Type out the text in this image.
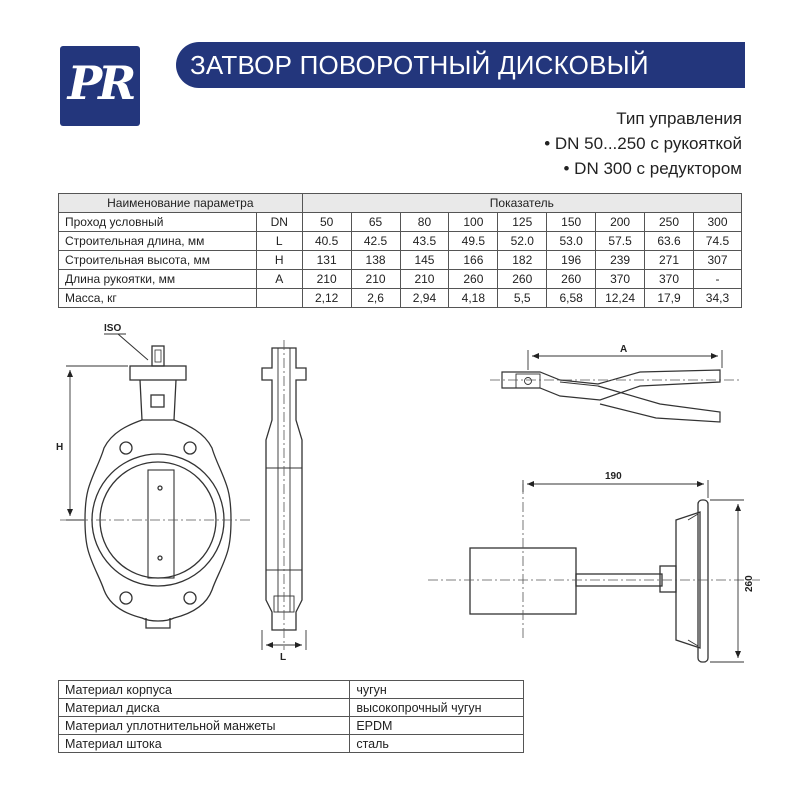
PR ЗАТВОР ПОВОРОТНЫЙ ДИСКОВЫЙ
Тип управления
• DN 50...250 с рукояткой
• DN 300 с редуктором
Наименование параметра		Показатель								
Проход условный	DN	50	65	80	100	125	150	200	250	300
Строительная длина, мм	L	40.5	42.5	43.5	49.5	52.0	53.0	57.5	63.6	74.5
Строительная высота, мм	H	131	138	145	166	182	196	239	271	307
Длина рукоятки, мм	A	210	210	210	260	260	260	370	370	-
Масса, кг		2,12	2,6	2,94	4,18	5,5	6,58	12,24	17,9	34,3
ISO
H
L
A
190
260
Материал корпуса	чугун
Материал диска	высокопрочный чугун
Материал уплотнительной манжеты	EPDM
Материал штока	сталь
